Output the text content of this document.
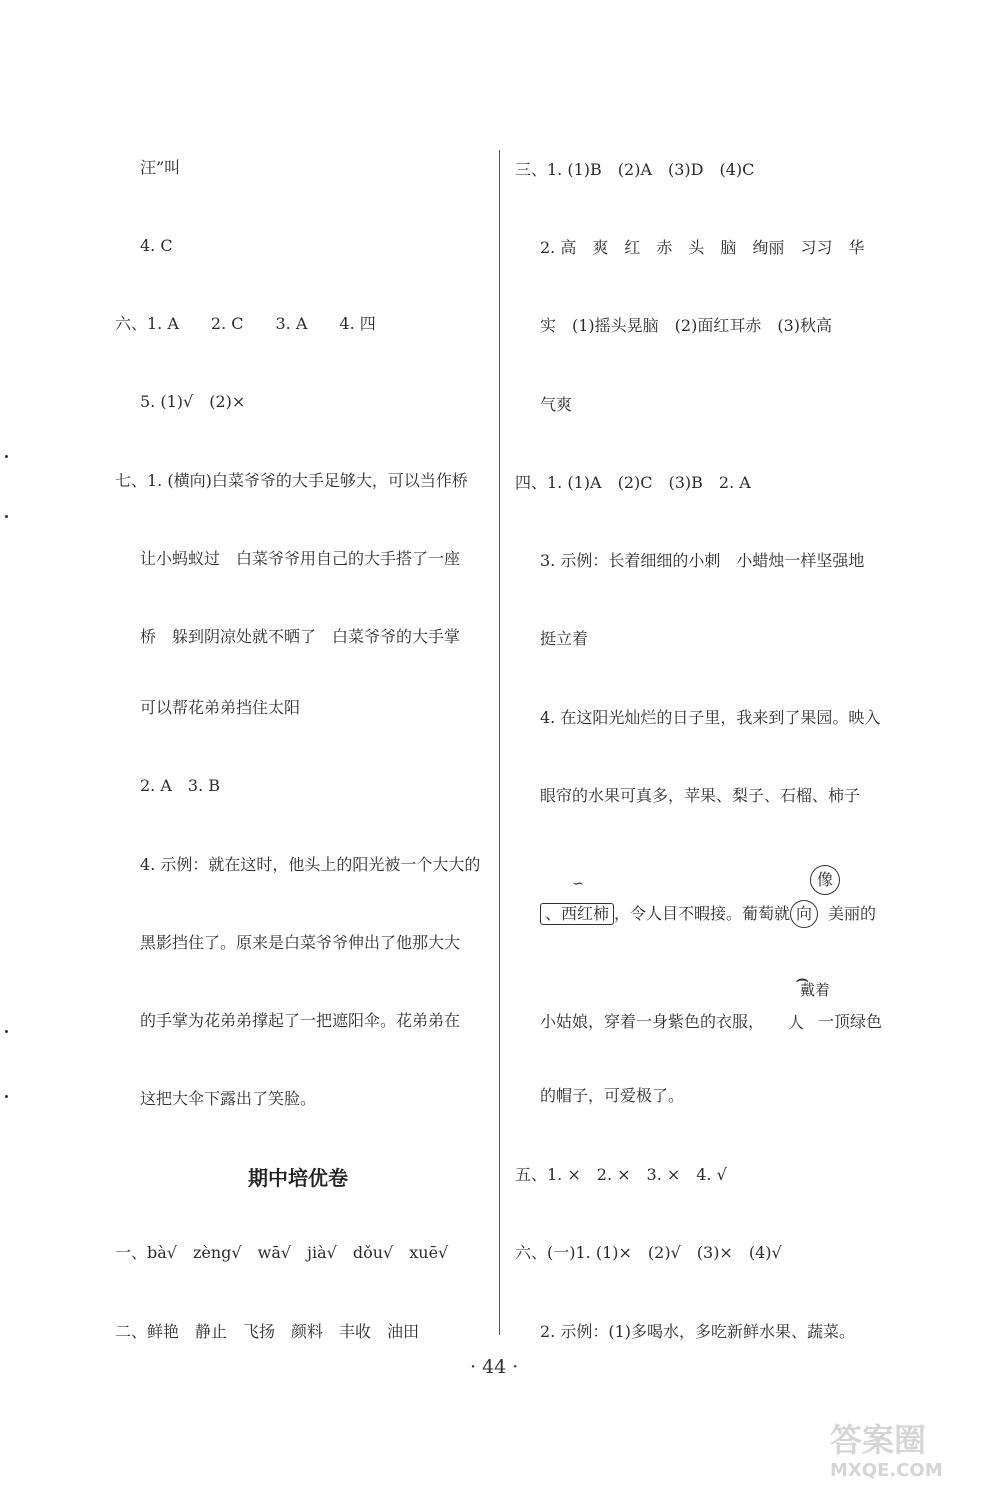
汪”叫
4. C
六、1. A　　2. C　　3. A　　4. 四
5. (1)√　(2)×
七、1. (横向)白菜爷爷的大手足够大，可以当作桥
让小蚂蚁过　白菜爷爷用自己的大手搭了一座
桥　躲到阴凉处就不晒了　白菜爷爷的大手掌
可以帮花弟弟挡住太阳
2. A　3. B
4. 示例：就在这时，他头上的阳光被一个大大的
黑影挡住了。原来是白菜爷爷伸出了他那大大
的手掌为花弟弟撑起了一把遮阳伞。花弟弟在
这把大伞下露出了笑脸。
期中培优卷
一、bà√　zèng√　wā√　jià√　dǒu√　xuē√
二、鲜艳　静止　飞扬　颜料　丰收　油田
三、1. (1)B　(2)A　(3)D　(4)C
2. 高　爽　红　赤　头　脑　绚丽　习习　华
实　(1)摇头晃脑　(2)面红耳赤　(3)秋高
气爽
四、1. (1)A　(2)C　(3)B　2. A
3. 示例：长着细细的小刺　小蜡烛一样坚强地
挺立着
4. 在这阳光灿烂的日子里，我来到了果园。映入
眼帘的水果可真多，苹果、梨子、石榴、柿子
∽	像
、西红柿 ，令人目不暇接。葡萄就 向 美丽的
戴着
⌢
小姑娘，穿着一身紫色的衣服， 人 一顶绿色
的帽子，可爱极了。
五、1. ×　2. ×　3. ×　4. √
六、(一)1. (1)×　(2)√　(3)×　(4)√
2. 示例：(1)多喝水，多吃新鲜水果、蔬菜。
· 44 ·
答案圈
MXQE.COM
